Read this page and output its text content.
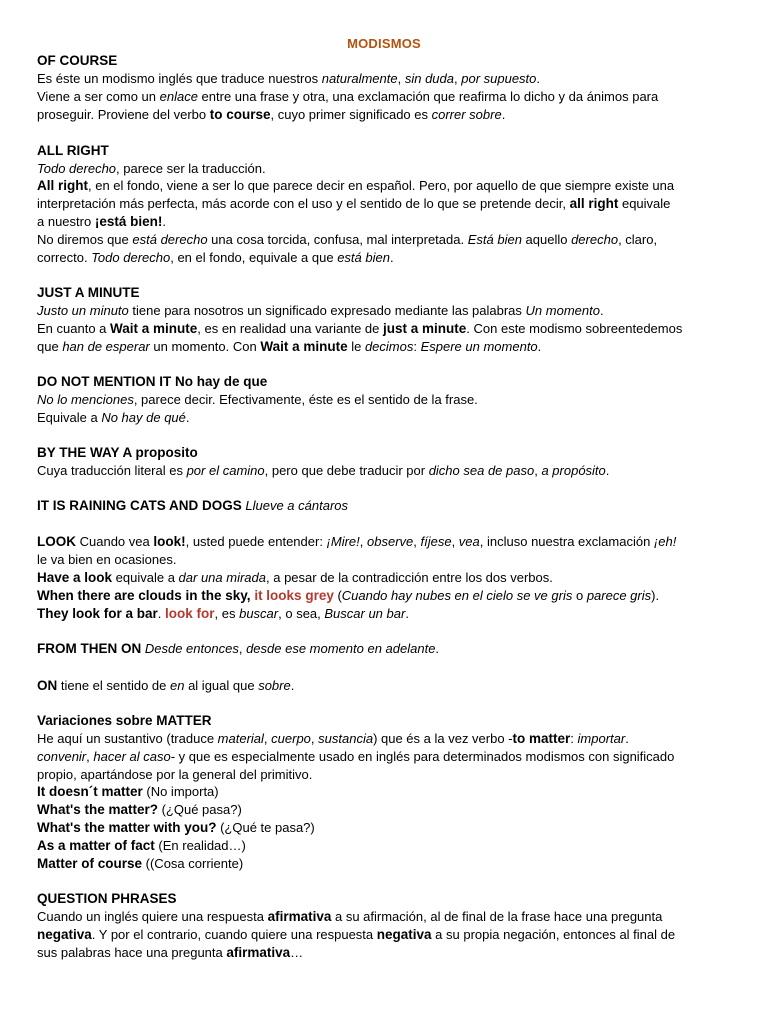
MODISMOS
OF COURSE
Es éste un modismo inglés que traduce nuestros naturalmente, sin duda, por supuesto.
Viene a ser como un enlace entre una frase y otra, una exclamación que reafirma lo dicho y da ánimos para
proseguir. Proviene del verbo to course, cuyo primer significado es correr sobre.
ALL RIGHT
Todo derecho, parece ser la traducción.
All right, en el fondo, viene a ser lo que parece decir en español. Pero, por aquello de que siempre existe una
interpretación más perfecta, más acorde con el uso y el sentido de lo que se pretende decir, all right equivale
a nuestro ¡está bien!.
No diremos que está derecho una cosa torcida, confusa, mal interpretada. Está bien aquello derecho, claro,
correcto. Todo derecho, en el fondo, equivale a que está bien.
JUST A MINUTE
Justo un minuto tiene para nosotros un significado expresado mediante las palabras Un momento.
En cuanto a Wait a minute, es en realidad una variante de just a minute. Con este modismo sobreentedemos
que han de esperar un momento. Con Wait a minute le decimos: Espere un momento.
DO NOT MENTION IT No hay de que
No lo menciones, parece decir. Efectivamente, éste es el sentido de la frase.
Equivale a No hay de qué.
BY THE WAY A proposito
Cuya traducción literal es por el camino, pero que debe traducir por dicho sea de paso, a propósito.
IT IS RAINING CATS AND DOGS Llueve a cántaros
LOOK Cuando vea look!, usted puede entender: ¡Mire!, observe, fíjese, vea, incluso nuestra exclamación ¡eh!
le va bien en ocasiones.
Have a look equivale a dar una mirada, a pesar de la contradicción entre los dos verbos.
When there are clouds in the sky, it looks grey (Cuando hay nubes en el cielo se ve gris o parece gris).
They look for a bar. look for, es buscar, o sea, Buscar un bar.
FROM THEN ON Desde entonces, desde ese momento en adelante.
ON tiene el sentido de en al igual que sobre.
Variaciones sobre MATTER
He aquí un sustantivo (traduce material, cuerpo, sustancia) que és a la vez verbo -to matter: importar.
convenir, hacer al caso- y que es especialmente usado en inglés para determinados modismos con significado
propio, apartándose por la general del primitivo.
It doesn´t matter (No importa)
What's the matter? (¿Qué pasa?)
What's the matter with you? (¿Qué te pasa?)
As a matter of fact (En realidad…)
Matter of course ((Cosa corriente)
QUESTION PHRASES
Cuando un inglés quiere una respuesta afirmativa a su afirmación, al de final de la frase hace una pregunta
negativa. Y por el contrario, cuando quiere una respuesta negativa a su propia negación, entonces al final de
sus palabras hace una pregunta afirmativa…
